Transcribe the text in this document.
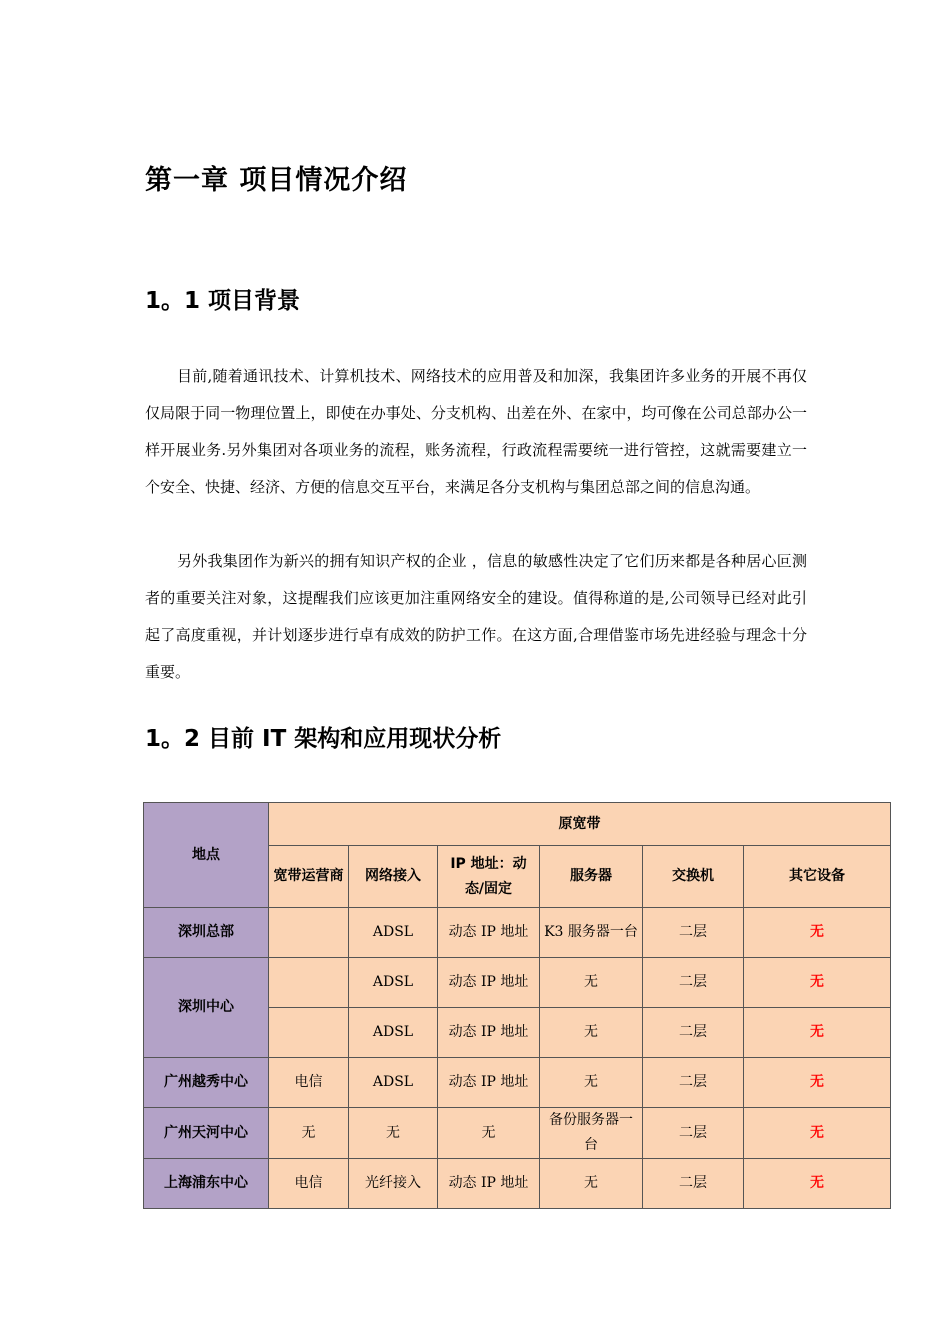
第一章 项目情况介绍
1。1 项目背景

目前,随着通讯技术、计算机技术、网络技术的应用普及和加深，我集团许多业务的开展不再仅仅局限于同一物理位置上，即使在办事处、分支机构、出差在外、在家中，均可像在公司总部办公一样开展业务.另外集团对各项业务的流程，账务流程，行政流程需要统一进行管控，这就需要建立一个安全、快捷、经济、方便的信息交互平台，来满足各分支机构与集团总部之间的信息沟通。

另外我集团作为新兴的拥有知识产权的企业 ，信息的敏感性决定了它们历来都是各种居心叵测者的重要关注对象，这提醒我们应该更加注重网络安全的建设。值得称道的是,公司领导已经对此引起了高度重视，并计划逐步进行卓有成效的防护工作。在这方面,合理借鉴市场先进经验与理念十分重要。

1。2 目前 IT 架构和应用现状分析
地点	原宽带					
	宽带运营商	网络接入	IP 地址：动态/固定	服务器	交换机	其它设备
深圳总部		ADSL	动态 IP 地址	K3 服务器一台	二层	无
深圳中心		ADSL	动态 IP 地址	无	二层	无
		ADSL	动态 IP 地址	无	二层	无
广州越秀中心	电信	ADSL	动态 IP 地址	无	二层	无
广州天河中心	无	无	无	备份服务器一台	二层	无
上海浦东中心	电信	光纤接入	动态 IP 地址	无	二层	无
